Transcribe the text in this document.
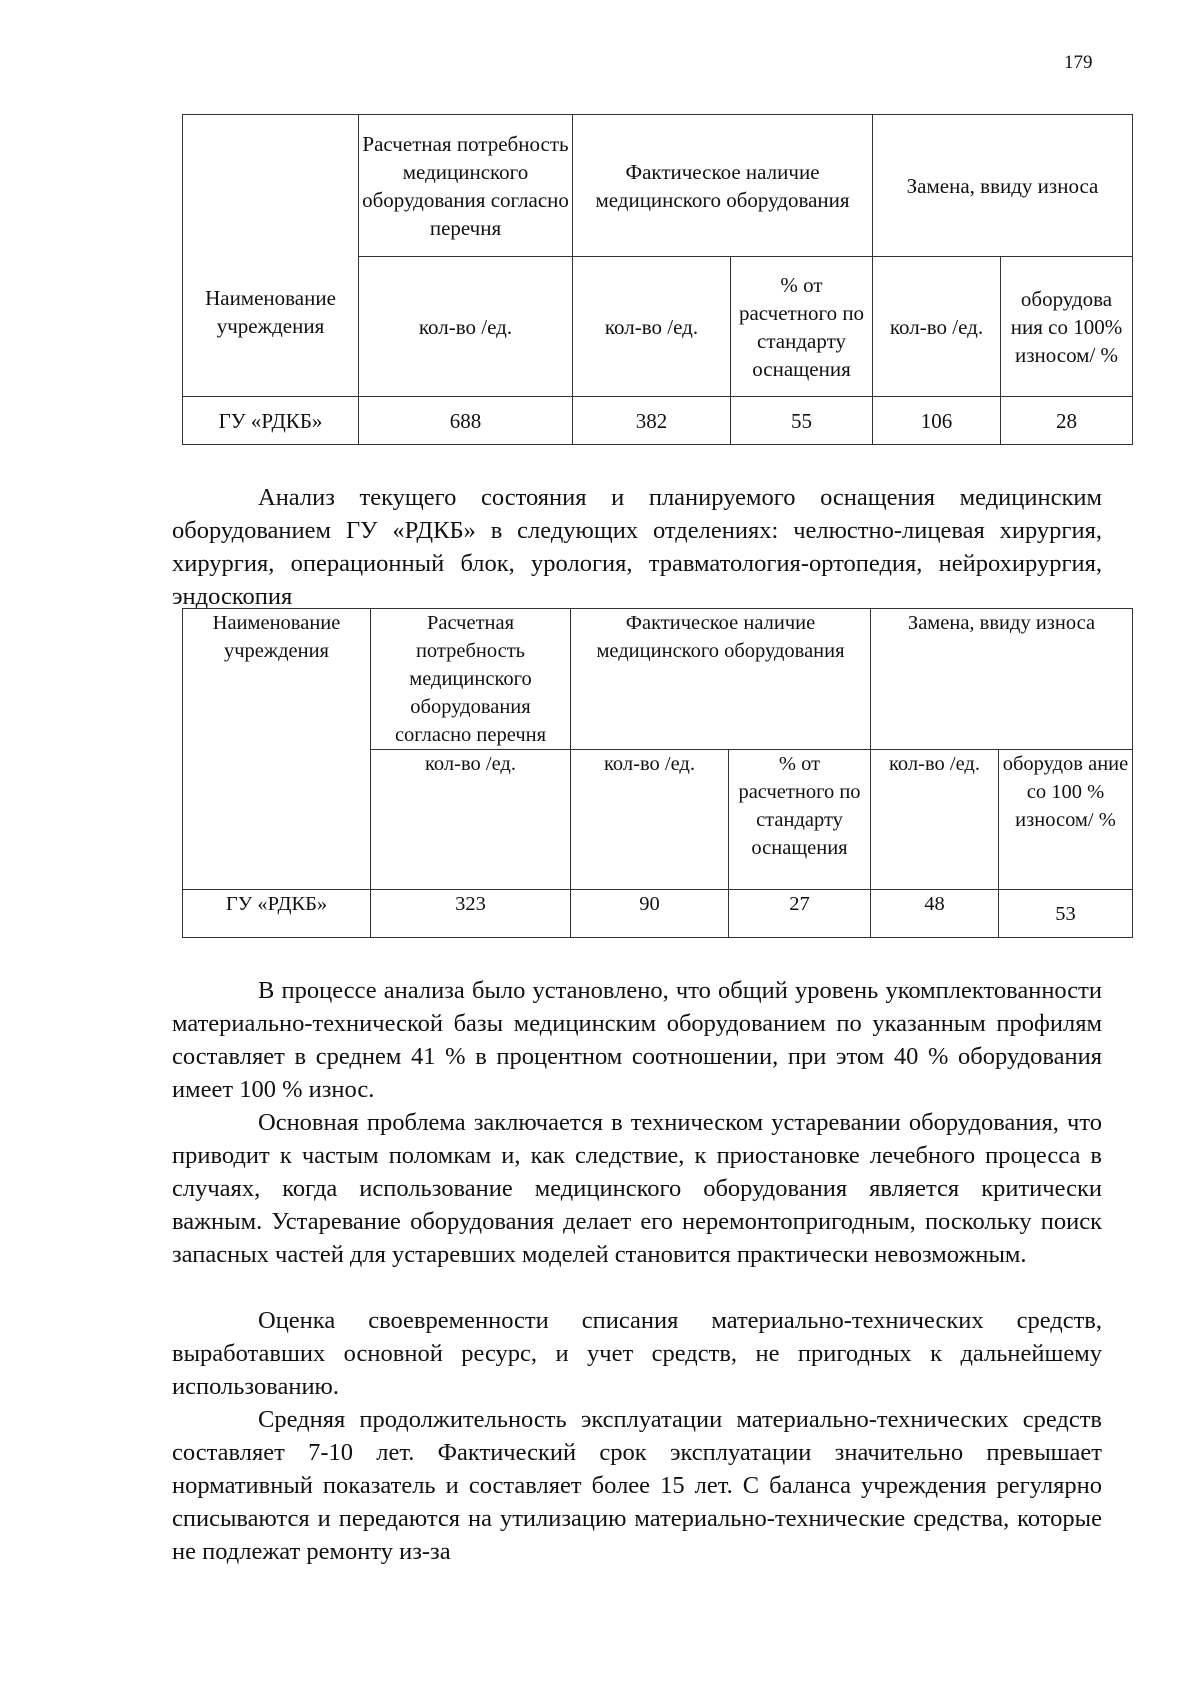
179
Наименование учреждения	Расчетная потребность медицинского оборудования согласно перечня	Фактическое наличие медицинского оборудования		Замена, ввиду износа	
	кол-во /ед.	кол-во /ед.	% от расчетного по стандарту оснащения	кол-во /ед.	оборудова ния со 100% износом/ %
ГУ «РДКБ»	688	382	55	106	28

Анализ текущего состояния и планируемого оснащения медицинским оборудованием ГУ «РДКБ» в следующих отделениях: челюстно-лицевая хирургия, хирургия, операционный блок, урология, травматология-ортопедия, нейрохирургия, эндоскопия

Наименование учреждения	Расчетная потребность медицинского оборудования согласно перечня	Фактическое наличие медицинского оборудования		Замена, ввиду износа	
	кол-во /ед.	кол-во /ед.	% от расчетного по стандарту оснащения	кол-во /ед.	оборудов ание со 100 % износом/ %
ГУ «РДКБ»	323	90	27	48	53

В процессе анализа было установлено, что общий уровень укомплектованности материально-технической базы медицинским оборудованием по указанным профилям составляет в среднем 41 % в процентном соотношении, при этом 40 % оборудования имеет 100 % износ.

Основная проблема заключается в техническом устаревании оборудования, что приводит к частым поломкам и, как следствие, к приостановке лечебного процесса в случаях, когда использование медицинского оборудования является критически важным. Устаревание оборудования делает его неремонтопригодным, поскольку поиск запасных частей для устаревших моделей становится практически невозможным.

Оценка своевременности списания материально-технических средств, выработавших основной ресурс, и учет средств, не пригодных к дальнейшему использованию.

Средняя продолжительность эксплуатации материально-технических средств составляет 7-10 лет. Фактический срок эксплуатации значительно превышает нормативный показатель и составляет более 15 лет. С баланса учреждения регулярно списываются и передаются на утилизацию материально-технические средства, которые не подлежат ремонту из-за
